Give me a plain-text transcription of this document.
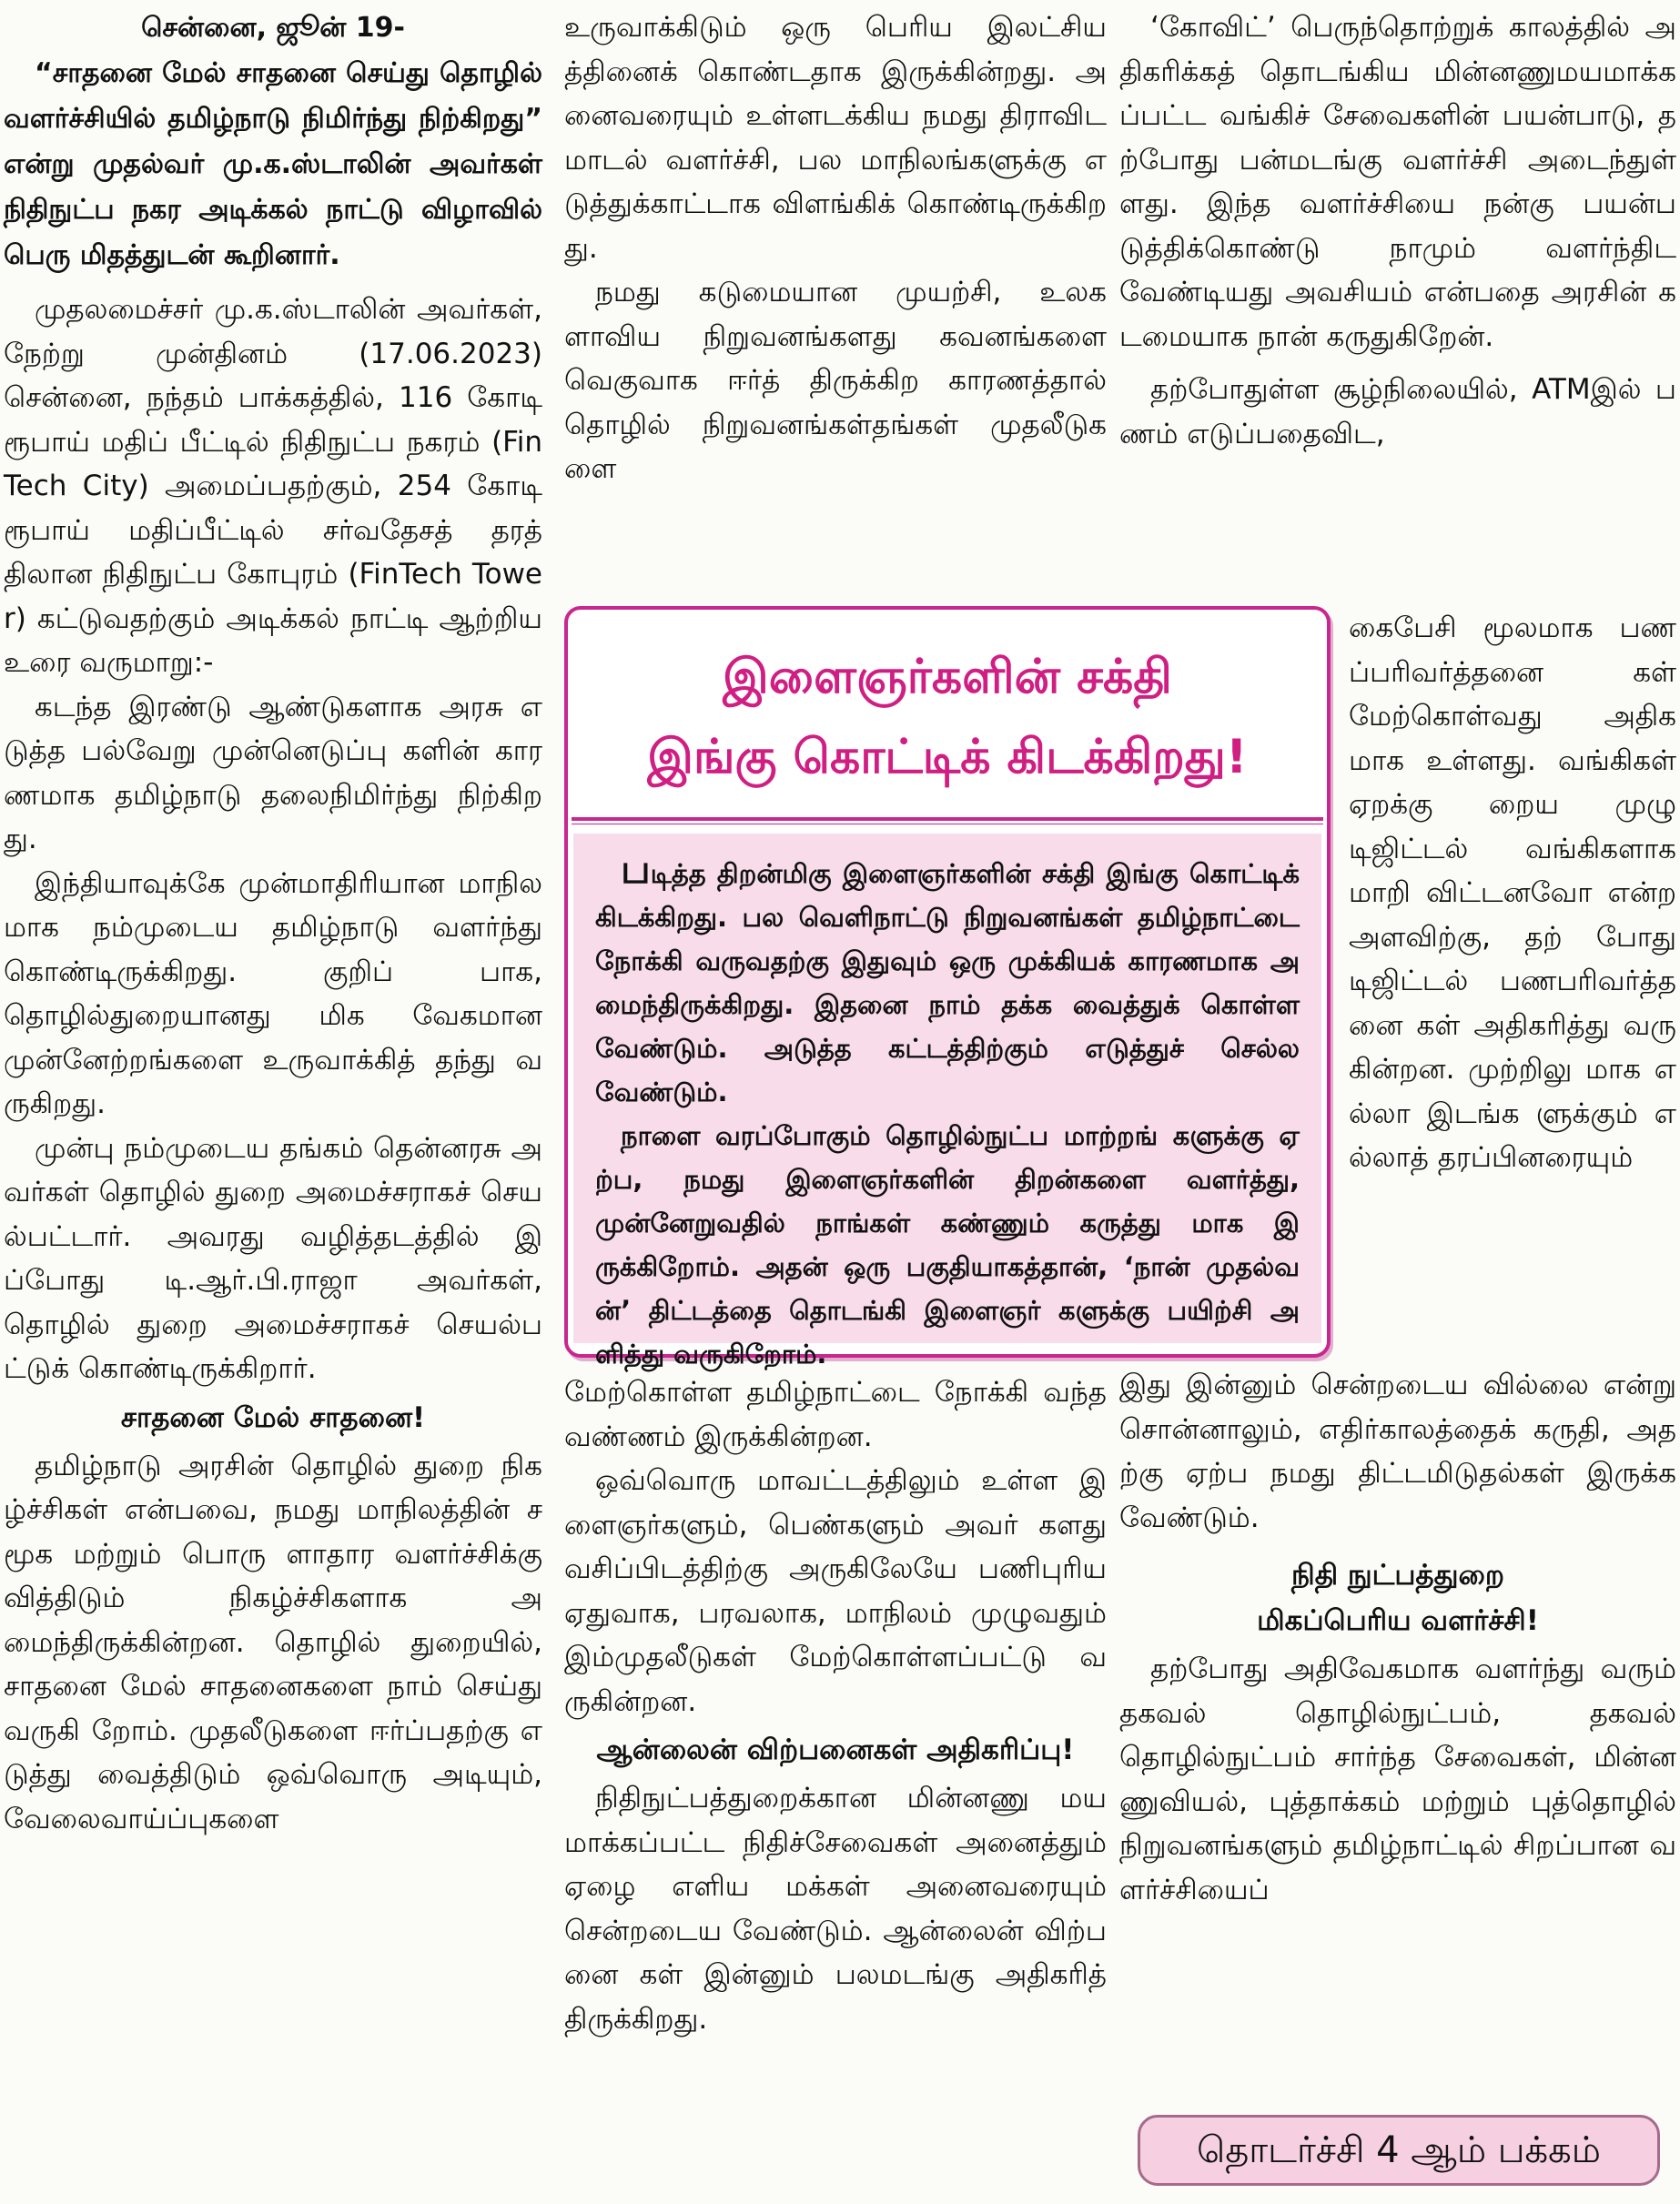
சென்னை, ஜூன் 19-

“சாதனை மேல் சாதனை செய்து தொழில் வளர்ச்சியில் தமிழ்நாடு நிமிர்ந்து நிற்கிறது” என்று முதல்வர் மு.க.ஸ்டாலின் அவர்கள் நிதிநுட்ப நகர அடிக்கல் நாட்டு விழாவில் பெரு மிதத்துடன் கூறினார்.

முதலமைச்சர் மு.க.ஸ்டாலின் அவர்கள், நேற்று முன்தினம் (17.06.2023) சென்னை, நந்தம் பாக்கத்தில், 116 கோடி ரூபாய் மதிப் பீட்டில் நிதிநுட்ப நகரம் (FinTech City) அமைப்பதற்கும், 254 கோடி ரூபாய் மதிப்பீட்டில் சர்வதேசத் தரத் திலான நிதிநுட்ப கோபுரம் (FinTech Tower) கட்டுவதற்கும் அடிக்கல் நாட்டி ஆற்றிய உரை வருமாறு:-

கடந்த இரண்டு ஆண்டுகளாக அரசு எடுத்த பல்வேறு முன்னெடுப்பு களின் காரணமாக தமிழ்நாடு தலைநிமிர்ந்து நிற்கிறது.

இந்தியாவுக்கே முன்மாதிரியான மாநிலமாக நம்முடைய தமிழ்நாடு வளர்ந்து கொண்டிருக்கிறது. குறிப் பாக, தொழில்துறையானது மிக வேகமான முன்னேற்றங்களை உருவாக்கித் தந்து வருகிறது.

முன்பு நம்முடைய தங்கம் தென்னரசு அவர்கள் தொழில் துறை அமைச்சராகச் செயல்பட்டார். அவரது வழித்தடத்தில் இப்போது டி.ஆர்.பி.ராஜா அவர்கள், தொழில் துறை அமைச்சராகச் செயல்பட்டுக் கொண்டிருக்கிறார்.

சாதனை மேல் சாதனை!

தமிழ்நாடு அரசின் தொழில் துறை நிகழ்ச்சிகள் என்பவை, நமது மாநிலத்தின் சமூக மற்றும் பொரு ளாதார வளர்ச்சிக்கு வித்திடும் நிகழ்ச்சிகளாக அமைந்திருக்கின்றன. தொழில் துறையில், சாதனை மேல் சாதனைகளை நாம் செய்து வருகி றோம். முதலீடுகளை ஈர்ப்பதற்கு எடுத்து வைத்திடும் ஒவ்வொரு அடியும், வேலைவாய்ப்புகளை

உருவாக்கிடும் ஒரு பெரிய இலட்சியத்தினைக் கொண்டதாக இருக்கின்றது. அனைவரையும் உள்ளடக்கிய நமது திராவிட மாடல் வளர்ச்சி, பல மாநிலங்களுக்கு எடுத்துக்காட்டாக விளங்கிக் கொண்டிருக்கிறது.

நமது கடுமையான முயற்சி, உலகளாவிய நிறுவனங்களது கவனங்களை வெகுவாக ஈர்த் திருக்கிற காரணத்தால் தொழில் நிறுவனங்கள்தங்கள் முதலீடுகளை

‘கோவிட்’ பெருந்தொற்றுக் காலத்தில் அதிகரிக்கத் தொடங்கிய மின்னணுமயமாக்கப்பட்ட வங்கிச் சேவைகளின் பயன்பாடு, தற்போது பன்மடங்கு வளர்ச்சி அடைந்துள் ளது. இந்த வளர்ச்சியை நன்கு பயன்படுத்திக்கொண்டு நாமும் வளர்ந்திடவேண்டியது அவசியம் என்பதை அரசின் கடமையாக நான் கருதுகிறேன்.

தற்போதுள்ள சூழ்நிலையில், ATMஇல் பணம் எடுப்பதைவிட,

இளைஞர்களின் சக்தி
இங்கு கொட்டிக் கிடக்கிறது!

படித்த திறன்மிகு இளைஞர்களின் சக்தி இங்கு கொட்டிக் கிடக்கிறது. பல வெளிநாட்டு நிறுவனங்கள் தமிழ்நாட்டை நோக்கி வருவதற்கு இதுவும் ஒரு முக்கியக் காரணமாக அமைந்திருக்கிறது. இதனை நாம் தக்க வைத்துக் கொள்ளவேண்டும். அடுத்த கட்டத்திற்கும் எடுத்துச் செல்லவேண்டும்.

நாளை வரப்போகும் தொழில்நுட்ப மாற்றங் களுக்கு ஏற்ப, நமது இளைஞர்களின் திறன்களை வளர்த்து, முன்னேறுவதில் நாங்கள் கண்ணும் கருத்து மாக இருக்கிறோம். அதன் ஒரு பகுதியாகத்தான், ‘நான் முதல்வன்’ திட்டத்தை தொடங்கி இளைஞர் களுக்கு பயிற்சி அளித்து வருகிறோம்.

கைபேசி மூலமாக பணப்பரிவர்த்தனை கள் மேற்கொள்வது அதிகமாக உள்ளது. வங்கிகள் ஏறக்கு றைய முழு டிஜிட்டல் வங்கிகளாக மாறி விட்டனவோ என்ற அளவிற்கு, தற் போது டிஜிட்டல் பணபரிவர்த்தனை கள் அதிகரித்து வரு கின்றன. முற்றிலு மாக எல்லா இடங்க ளுக்கும் எல்லாத் தரப்பினரையும்

மேற்கொள்ள தமிழ்நாட்டை நோக்கி வந்த வண்ணம் இருக்கின்றன.

ஒவ்வொரு மாவட்டத்திலும் உள்ள இளைஞர்களும், பெண்களும் அவர் களது வசிப்பிடத்திற்கு அருகிலேயே பணிபுரிய ஏதுவாக, பரவலாக, மாநிலம் முழுவதும் இம்முதலீடுகள் மேற்கொள்ளப்பட்டு வருகின்றன.

ஆன்லைன் விற்பனைகள் அதிகரிப்பு!

நிதிநுட்பத்துறைக்கான மின்னணு மயமாக்கப்பட்ட நிதிச்சேவைகள் அனைத்தும் ஏழை எளிய மக்கள் அனைவரையும் சென்றடைய வேண்டும். ஆன்லைன் விற்பனை கள் இன்னும் பலமடங்கு அதிகரித் திருக்கிறது.

இது இன்னும் சென்றடைய வில்லை என்று சொன்னாலும், எதிர்காலத்தைக் கருதி, அதற்கு ஏற்ப நமது திட்டமிடுதல்கள் இருக்க வேண்டும்.

நிதி நுட்பத்துறை
மிகப்பெரிய வளர்ச்சி!

தற்போது அதிவேகமாக வளர்ந்து வரும் தகவல் தொழில்நுட்பம், தகவல் தொழில்நுட்பம் சார்ந்த சேவைகள், மின்னணுவியல், புத்தாக்கம் மற்றும் புத்தொழில் நிறுவனங்களும் தமிழ்நாட்டில் சிறப்பான வளர்ச்சியைப்

தொடர்ச்சி 4 ஆம் பக்கம்
